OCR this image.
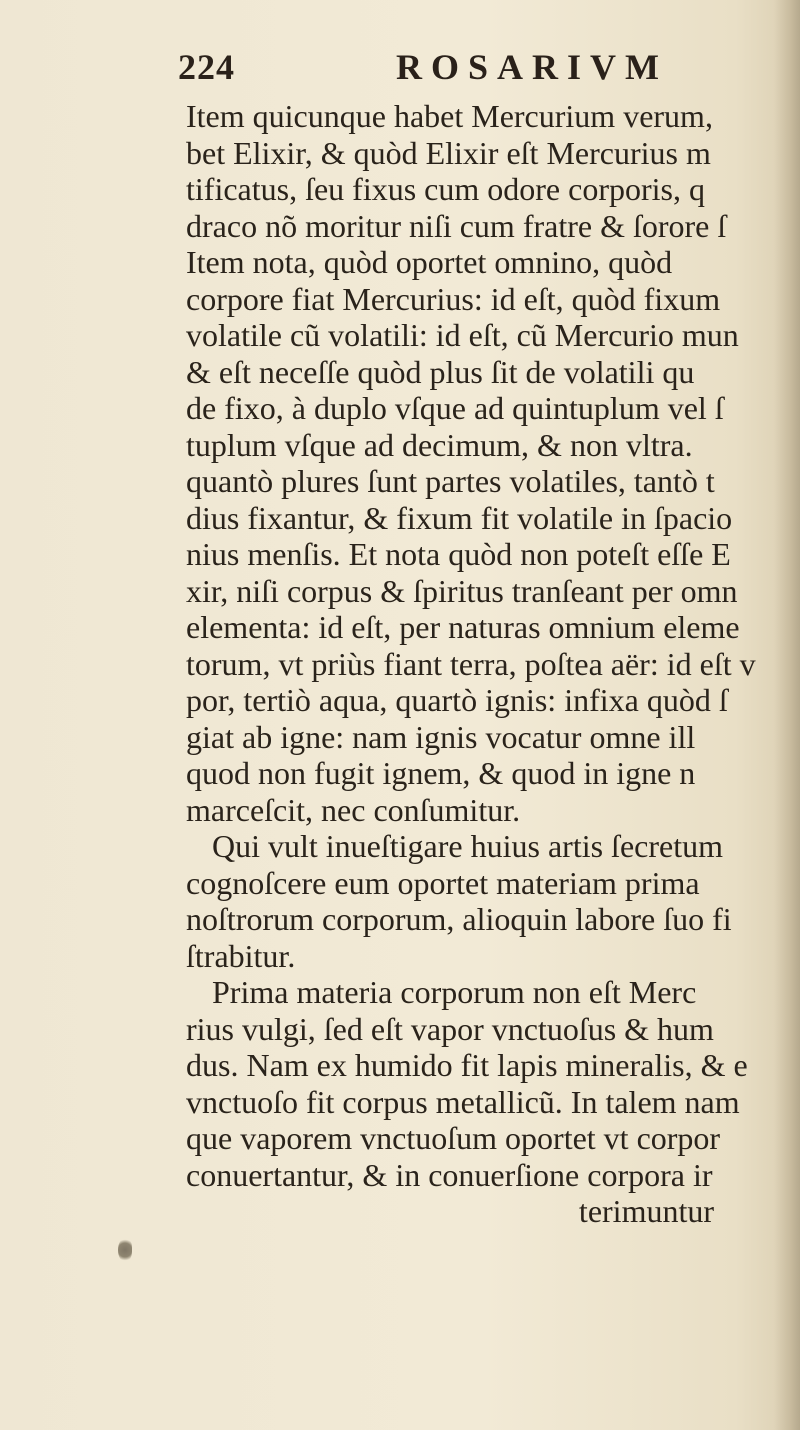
224	ROSARIVM
Item quicunque habet Mercurium verum,
bet Elixir, & quòd Elixir eſt Mercurius m
tificatus, ſeu fixus cum odore corporis, q
draco nõ moritur niſi cum fratre & ſorore ſ
Item nota, quòd oportet omnino, quòd
corpore fiat Mercurius: id eſt, quòd fixum
volatile cũ volatili: id eſt, cũ Mercurio mun
& eſt neceſſe quòd plus ſit de volatili qu
de fixo, à duplo vſque ad quintuplum vel ſ
tuplum vſque ad decimum, & non vltra.
quantò plures ſunt partes volatiles, tantò t
dius fixantur, & fixum fit volatile in ſpacio
nius menſis. Et nota quòd non poteſt eſſe E
xir, niſi corpus & ſpiritus tranſeant per omn
elementa: id eſt, per naturas omnium eleme
torum, vt priùs fiant terra, poſtea aër: id eſt v
por, tertiò aqua, quartò ignis: infixa quòd ſ
giat ab igne: nam ignis vocatur omne ill
quod non fugit ignem, & quod in igne n
marceſcit, nec conſumitur.
Qui vult inueſtigare huius artis ſecretum
cognoſcere eum oportet materiam prima
noſtrorum corporum, alioquin labore ſuo fi
ſtrabitur.
Prima materia corporum non eſt Merc
rius vulgi, ſed eſt vapor vnctuoſus & hum
dus. Nam ex humido fit lapis mineralis, & e
vnctuoſo fit corpus metallicũ. In talem nam
que vaporem vnctuoſum oportet vt corpor
conuertantur, & in conuerſione corpora ir
terimuntur
